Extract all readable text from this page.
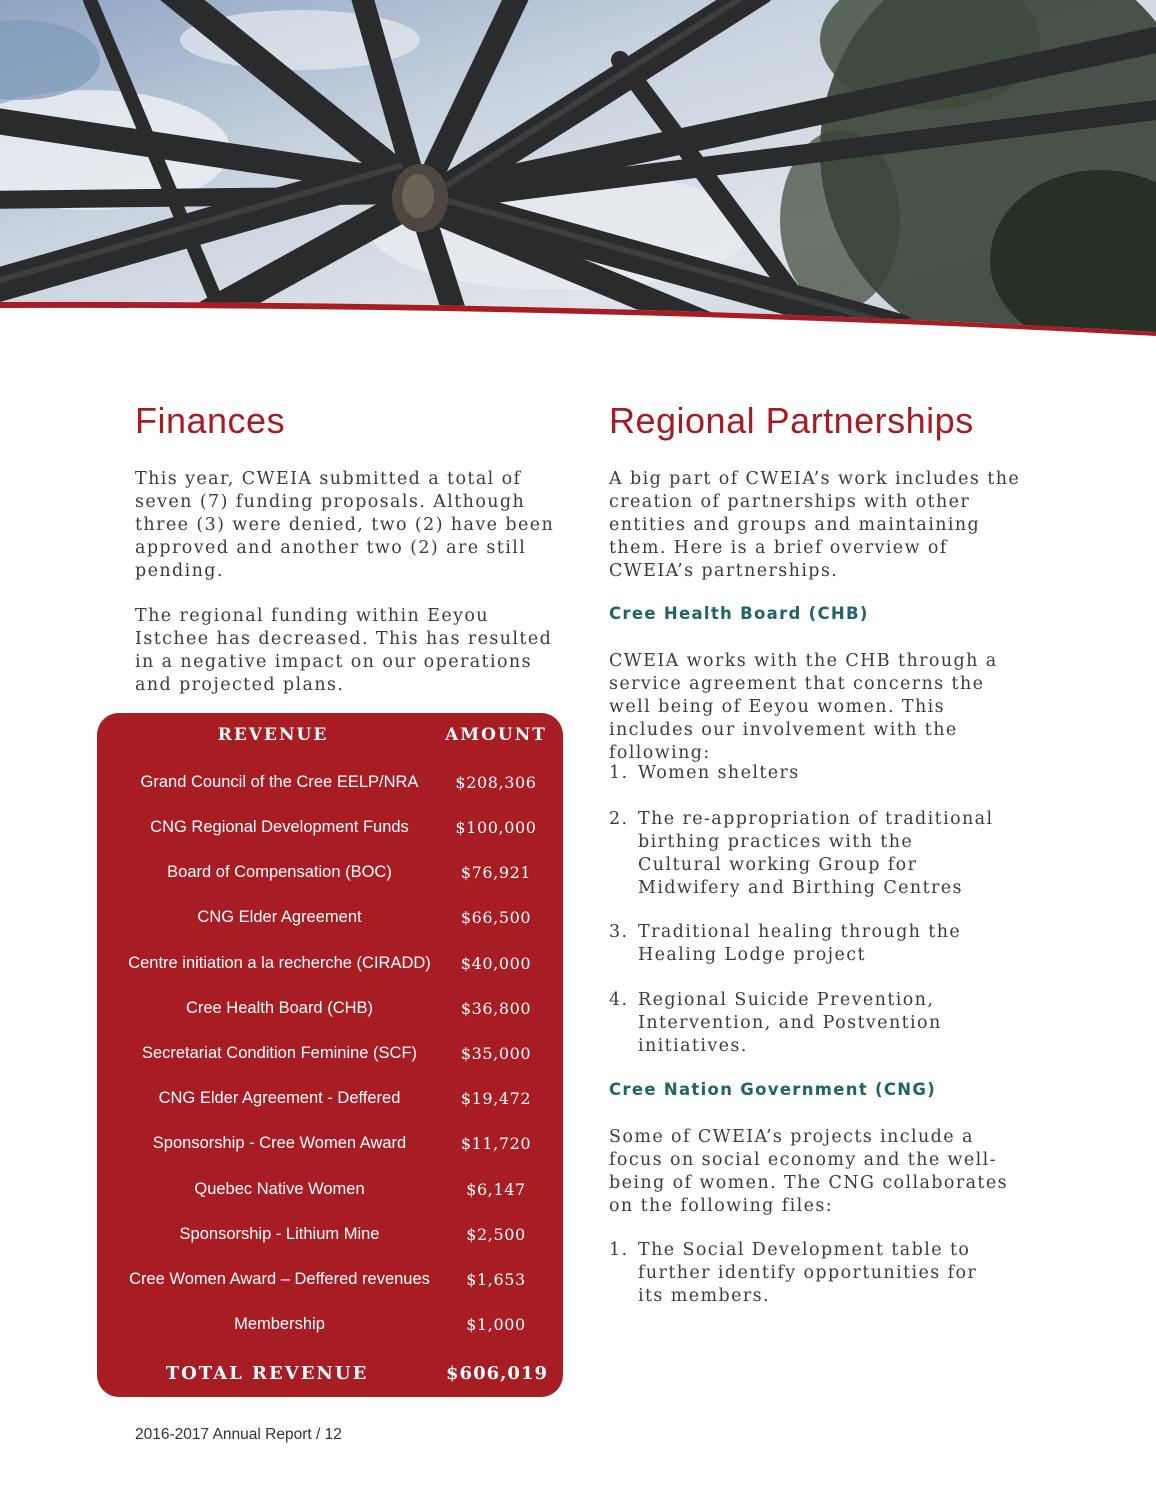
Finances

This year, CWEIA submitted a total of seven (7) funding proposals. Although three (3) were denied, two (2) have been approved and another two (2) are still pending.

The regional funding within Eeyou Istchee has decreased. This has resulted in a negative impact on our operations and projected plans.

REVENUE	AMOUNT
Grand Council of the Cree EELP/NRA	$208,306
CNG Regional Development Funds	$100,000
Board of Compensation (BOC)	$76,921
CNG Elder Agreement	$66,500
Centre initiation a la recherche (CIRADD)	$40,000
Cree Health Board (CHB)	$36,800
Secretariat Condition Feminine (SCF)	$35,000
CNG Elder Agreement - Deffered	$19,472
Sponsorship - Cree Women Award	$11,720
Quebec Native Women	$6,147
Sponsorship - Lithium Mine	$2,500
Cree Women Award – Deffered revenues	$1,653
Membership	$1,000
TOTAL REVENUE	$606,019
Regional Partnerships

A big part of CWEIA’s work includes the creation of partnerships with other entities and groups and maintaining them. Here is a brief overview of CWEIA’s partnerships.

Cree Health Board (CHB)

CWEIA works with the CHB through a service agreement that concerns the well being of Eeyou women. This includes our involvement with the following:

1. Women shelters

2. The re-appropriation of traditional birthing practices with the Cultural working Group for Midwifery and Birthing Centres

3. Traditional healing through the Healing Lodge project

4. Regional Suicide Prevention, Intervention, and Postvention initiatives.

Cree Nation Government (CNG)

Some of CWEIA’s projects include a focus on social economy and the well-being of women. The CNG collaborates on the following files:

1. The Social Development table to further identify opportunities for its members.

2016-2017 Annual Report / 12
